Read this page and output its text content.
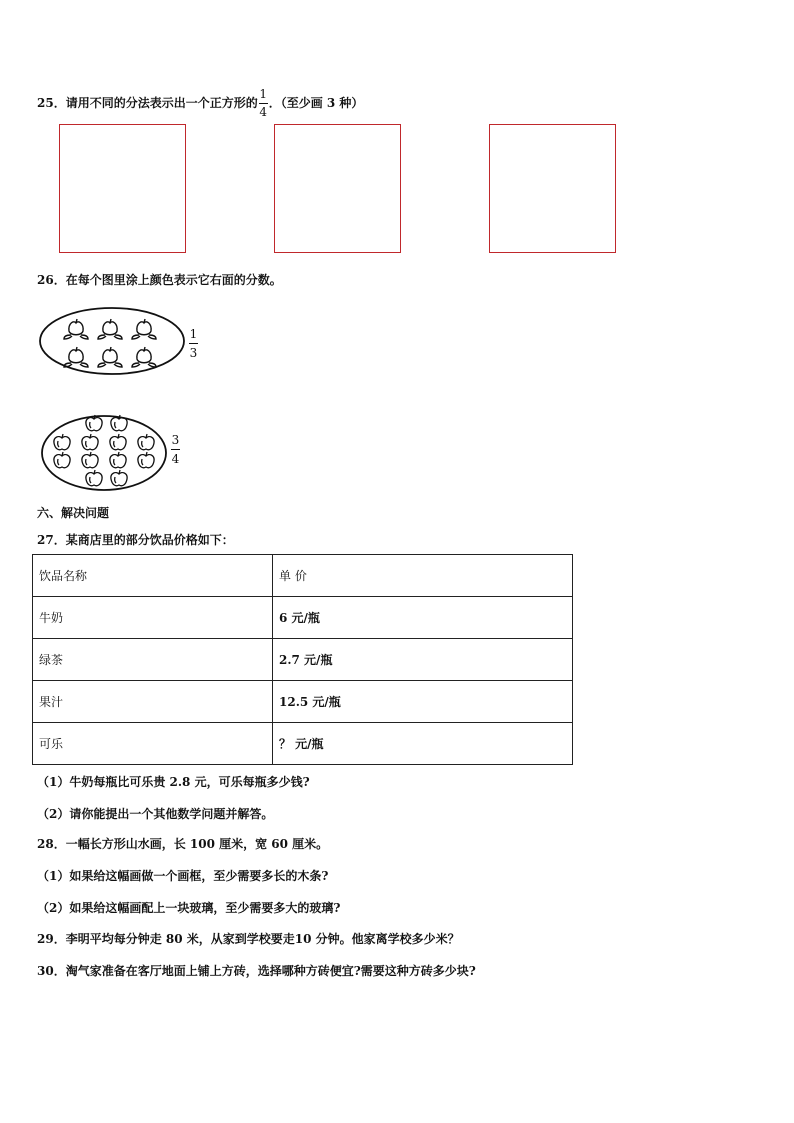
25．请用不同的分法表示出一个正方形的 $\frac{1}{4}$ ．（至少画 3 种）
26．在每个图里涂上颜色表示它右面的分数。
1
3
3
4
六、解决问题
27．某商店里的部分饮品价格如下：
饮品名称	单 价
牛奶	6 元/瓶
绿茶	2.7 元/瓶
果汁	12.5 元/瓶
可乐	？ 元/瓶
（1）牛奶每瓶比可乐贵 2.8 元，可乐每瓶多少钱?
（2）请你能提出一个其他数学问题并解答。
28．一幅长方形山水画，长 100 厘米，宽 60 厘米。
（1）如果给这幅画做一个画框，至少需要多长的木条?
（2）如果给这幅画配上一块玻璃，至少需要多大的玻璃?
29．李明平均每分钟走 80 米，从家到学校要走10 分钟。他家离学校多少米？
30．淘气家准备在客厅地面上铺上方砖，选择哪种方砖便宜?需要这种方砖多少块?
